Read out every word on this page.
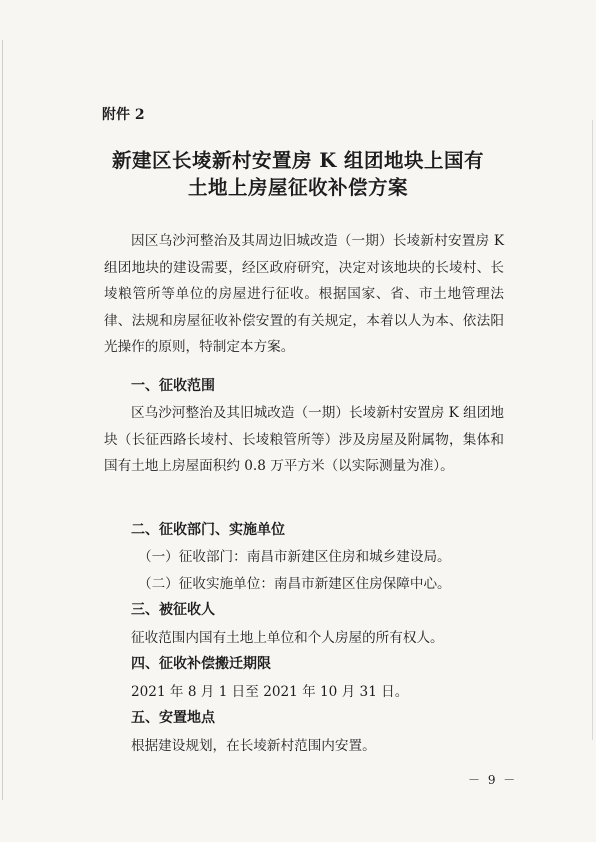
附件 2
新建区长堎新村安置房 K 组团地块上国有
土地上房屋征收补偿方案

因区乌沙河整治及其周边旧城改造（一期）长堎新村安置房 K 组团地块的建设需要，经区政府研究，决定对该地块的长堎村、长堎粮管所等单位的房屋进行征收。根据国家、省、市土地管理法律、法规和房屋征收补偿安置的有关规定，本着以人为本、依法阳光操作的原则，特制定本方案。

一、征收范围

区乌沙河整治及其旧城改造（一期）长堎新村安置房 K 组团地块（长征西路长堎村、长堎粮管所等）涉及房屋及附属物，集体和国有土地上房屋面积约 0.8 万平方米（以实际测量为准）。

二、征收部门、实施单位
（一）征收部门：南昌市新建区住房和城乡建设局。
（二）征收实施单位：南昌市新建区住房保障中心。
三、被征收人
征收范围内国有土地上单位和个人房屋的所有权人。
四、征收补偿搬迁期限
2021 年 8 月 1 日至 2021 年 10 月 31 日。
五、安置地点
根据建设规划，在长堎新村范围内安置。
－ 9 －
